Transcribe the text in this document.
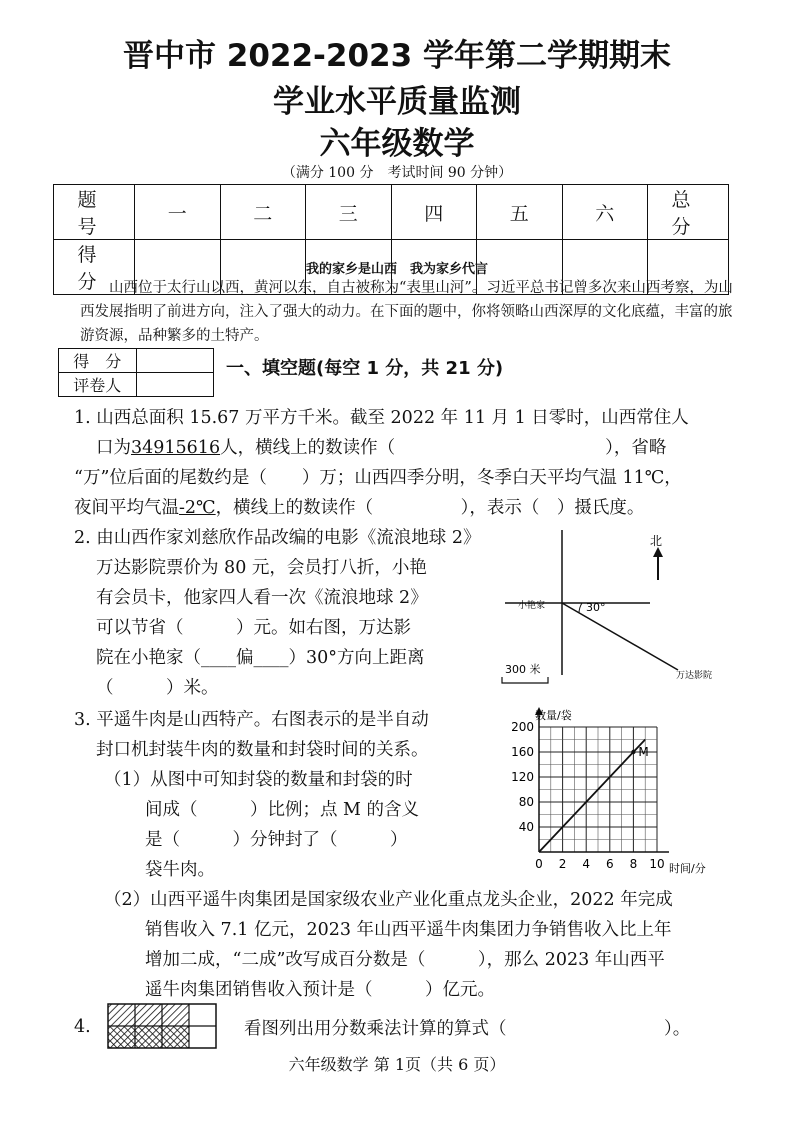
晋中市 2022-2023 学年第二学期期末
学业水平质量监测
六年级数学
（满分 100 分　考试时间 90 分钟）
题　号	一	二	三	四	五	六	总　分
得　分							
我的家乡是山西　我为家乡代言

山西位于太行山以西，黄河以东，自古被称为“表里山河”。习近平总书记曾多次来山西考察，为山西发展指明了前进方向，注入了强大的动力。在下面的题中，你将领略山西深厚的文化底蕴，丰富的旅游资源，品种繁多的土特产。

得　分	
评卷人	
一、填空题(每空 1 分，共 21 分)
1. 山西总面积 15.67 万平方千米。截至 2022 年 11 月 1 日零时，山西常住人
口为34915616人，横线上的数读作（　　　　　　　　　　　　），省略
“万”位后面的尾数约是（　　）万；山西四季分明，冬季白天平均气温 11℃，
夜间平均气温-2℃，横线上的数读作（　　　　　），表示（　）摄氏度。
2. 由山西作家刘慈欣作品改编的电影《流浪地球 2》
万达影院票价为 80 元，会员打八折，小艳
有会员卡，他家四人看一次《流浪地球 2》
可以节省（　　　）元。如右图，万达影
院在小艳家（____偏____）30°方向上距离
（　　　）米。
30°
小艳家
万达影院
北
300 米
3. 平遥牛肉是山西特产。右图表示的是半自动
封口机封装牛肉的数量和封袋时间的关系。
（1）从图中可知封袋的数量和封袋的时
间成（　　　）比例；点 M 的含义
是（　　　）分钟封了（　　　）
袋牛肉。
（2）山西平遥牛肉集团是国家级农业产业化重点龙头企业，2022 年完成
销售收入 7.1 亿元，2023 年山西平遥牛肉集团力争销售收入比上年
增加二成，“二成”改写成百分数是（　　　），那么 2023 年山西平
遥牛肉集团销售收入预计是（　　　）亿元。
0 2 4 6 8 10
40
80
120
160
200
M
数量/袋
时间/分
4.	看图列出用分数乘法计算的算式（　　　　　　　　　）。
六年级数学 第 1页（共 6 页）
